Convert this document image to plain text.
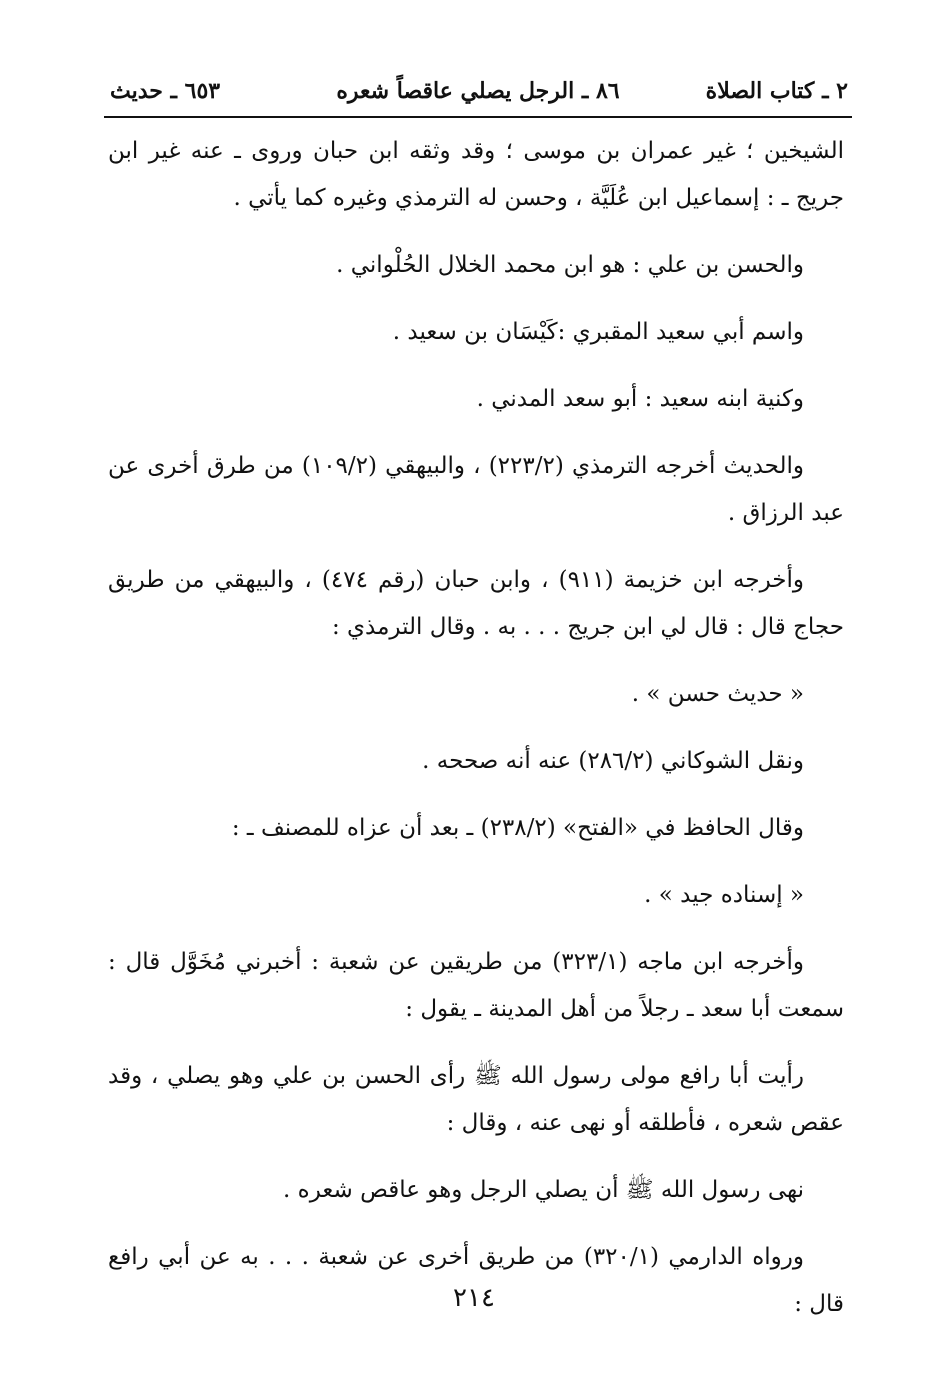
٢ ـ كتاب الصلاة
٨٦ ـ الرجل يصلي عاقصاً شعره
٦٥٣ ـ حديث

الشيخين ؛ غير عمران بن موسى ؛ وقد وثقه ابن حبان وروى ـ عنه غير ابن جريج ـ : إسماعيل ابن عُلَيَّة ، وحسن له الترمذي وغيره كما يأتي .

والحسن بن علي : هو ابن محمد الخلال الحُلْواني .

واسم أبي سعيد المقبري :كَيْسَان بن سعيد .

وكنية ابنه سعيد : أبو سعد المدني .

والحديث أخرجه الترمذي (٢٢٣/٢) ، والبيهقي (١٠٩/٢) من طرق أخرى عن عبد الرزاق .

وأخرجه ابن خزيمة (٩١١) ، وابن حبان (رقم ٤٧٤) ، والبيهقي من طريق حجاج قال : قال لي ابن جريج . . . به . وقال الترمذي :

« حديث حسن » .

ونقل الشوكاني (٢٨٦/٢) عنه أنه صححه .

وقال الحافظ في «الفتح» (٢٣٨/٢) ـ بعد أن عزاه للمصنف ـ :

« إسناده جيد » .

وأخرجه ابن ماجه (٣٢٣/١) من طريقين عن شعبة : أخبرني مُخَوَّل قال : سمعت أبا سعد ـ رجلاً من أهل المدينة ـ يقول :

رأيت أبا رافع مولى رسول الله ﷺ رأى الحسن بن علي وهو يصلي ، وقد عقص شعره ، فأطلقه أو نهى عنه ، وقال :

نهى رسول الله ﷺ أن يصلي الرجل وهو عاقص شعره .

ورواه الدارمي (٣٢٠/١) من طريق أخرى عن شعبة . . . به عن أبي رافع قال :

٢١٤
